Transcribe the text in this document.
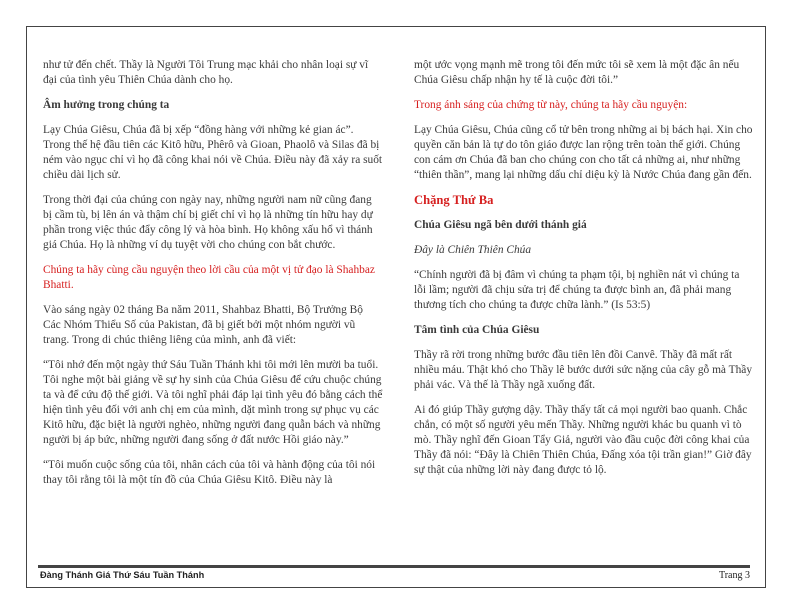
như tử đến chết. Thầy là Người Tôi Trung mạc khải cho nhân loại sự vĩ đại của tình yêu Thiên Chúa dành cho họ.

Âm hưởng trong chúng ta

Lạy Chúa Giêsu, Chúa đã bị xếp “đồng hàng với những kẻ gian ác”. Trong thế hệ đầu tiên các Kitô hữu, Phêrô và Gioan, Phaolô và Silas đã bị ném vào ngục chỉ vì họ đã công khai nói về Chúa. Điều này đã xảy ra suốt chiều dài lịch sử.

Trong thời đại của chúng con ngày nay, những người nam nữ cũng đang bị cầm tù, bị lên án và thậm chí bị giết chỉ vì họ là những tín hữu hay dự phần trong việc thúc đẩy công lý và hòa bình. Họ không xấu hổ vì thánh giá Chúa. Họ là những ví dụ tuyệt vời cho chúng con bắt chước.

Chúng ta hãy cùng cầu nguyện theo lời cầu của một vị tử đạo là Shahbaz Bhatti.

Vào sáng ngày 02 tháng Ba năm 2011, Shahbaz Bhatti, Bộ Trưởng Bộ Các Nhóm Thiểu Số của Pakistan, đã bị giết bởi một nhóm người vũ trang. Trong di chúc thiêng liêng của mình, anh đã viết:

“Tôi nhớ đến một ngày thứ Sáu Tuần Thánh khi tôi mới lên mười ba tuổi. Tôi nghe một bài giảng về sự hy sinh của Chúa Giêsu để cứu chuộc chúng ta và để cứu độ thế giới. Và tôi nghĩ phải đáp lại tình yêu đó bằng cách thể hiện tình yêu đối với anh chị em của mình, dặt mình trong sự phục vụ các Kitô hữu, đặc biệt là người nghèo, những người đang quẫn bách và những người bị áp bức, những người đang sống ở đất nước Hồi giáo này.”

“Tôi muốn cuộc sống của tôi, nhân cách của tôi và hành động của tôi nói thay tôi rằng tôi là một tín đồ của Chúa Giêsu Kitô. Điều này là

một ước vọng mạnh mẽ trong tôi đến mức tôi sẽ xem là một đặc ân nếu Chúa Giêsu chấp nhận hy tế là cuộc đời tôi.”

Trong ánh sáng của chứng từ này, chúng ta hãy cầu nguyện:

Lạy Chúa Giêsu, Chúa cũng cổ tử bên trong những ai bị bách hại. Xin cho quyền căn bản là tự do tôn giáo được lan rộng trên toàn thế giới. Chúng con cám ơn Chúa đã ban cho chúng con cho tất cả những ai, như những “thiên thần”, mang lại những dấu chỉ diệu kỳ là Nước Chúa đang gần đến.

Chặng Thứ Ba

Chúa Giêsu ngã bên dưới thánh giá

Đây là Chiên Thiên Chúa

“Chính người đã bị đâm vì chúng ta phạm tội, bị nghiền nát vì chúng ta lỗi lầm; người đã chịu sửa trị để chúng ta được bình an, đã phải mang thương tích cho chúng ta được chữa lành.” (Is 53:5)

Tâm tình của Chúa Giêsu

Thầy rã rời trong những bước đầu tiên lên đồi Canvê. Thầy đã mất rất nhiều máu. Thật khó cho Thầy lê bước dưới sức nặng của cây gỗ mà Thầy phải vác. Và thế là Thầy ngã xuống đất.

Ai đó giúp Thầy gượng dậy. Thầy thấy tất cả mọi người bao quanh. Chắc chắn, có một số người yêu mến Thầy. Những người khác bu quanh vì tò mò. Thầy nghĩ đến Gioan Tẩy Giả, người vào đầu cuộc đời công khai của Thầy đã nói: “Đây là Chiên Thiên Chúa, Đấng xóa tội trần gian!” Giờ đây sự thật của những lời này đang được tỏ lộ.

Đàng Thánh Giá Thứ Sáu Tuần Thánh	Trang 3
